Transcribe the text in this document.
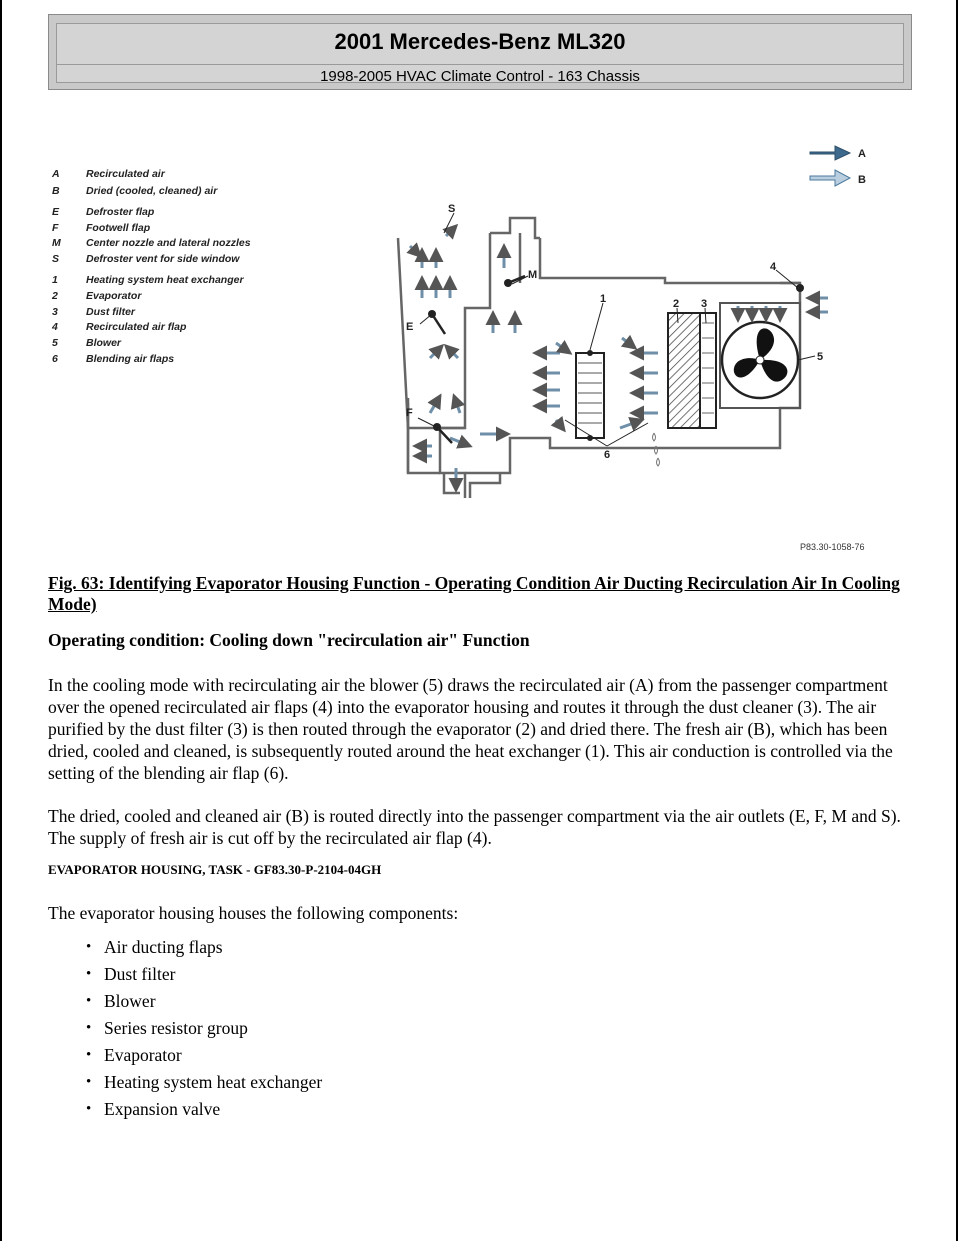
2001 Mercedes-Benz ML320
1998-2005 HVAC Climate Control - 163 Chassis
A	Recirculated air
B	Dried (cooled, cleaned) air
E	Defroster flap
F	Footwell flap
M Center nozzle and lateral nozzles
S	Defroster vent for side window
1	Heating system heat exchanger
2	Evaporator
3	Dust filter
4	Recirculated air flap
5	Blower
6	Blending air flaps
A
B
S
M
E
F
1	2 3
4
5
6
P83.30-1058-76
Fig. 63: Identifying Evaporator Housing Function - Operating Condition Air Ducting Recirculation Air In Cooling Mode)
Operating condition: Cooling down "recirculation air" Function
In the cooling mode with recirculating air the blower (5) draws the recirculated air (A) from the passenger compartment over the opened recirculated air flaps (4) into the evaporator housing and routes it through the dust cleaner (3). The air purified by the dust filter (3) is then routed through the evaporator (2) and dried there. The fresh air (B), which has been dried, cooled and cleaned, is subsequently routed around the heat exchanger (1). This air conduction is controlled via the setting of the blending air flap (6).
The dried, cooled and cleaned air (B) is routed directly into the passenger compartment via the air outlets (E, F, M and S). The supply of fresh air is cut off by the recirculated air flap (4).
EVAPORATOR HOUSING, TASK - GF83.30-P-2104-04GH
The evaporator housing houses the following components:
• Air ducting flaps
• Dust filter
• Blower
• Series resistor group
• Evaporator
• Heating system heat exchanger
• Expansion valve
